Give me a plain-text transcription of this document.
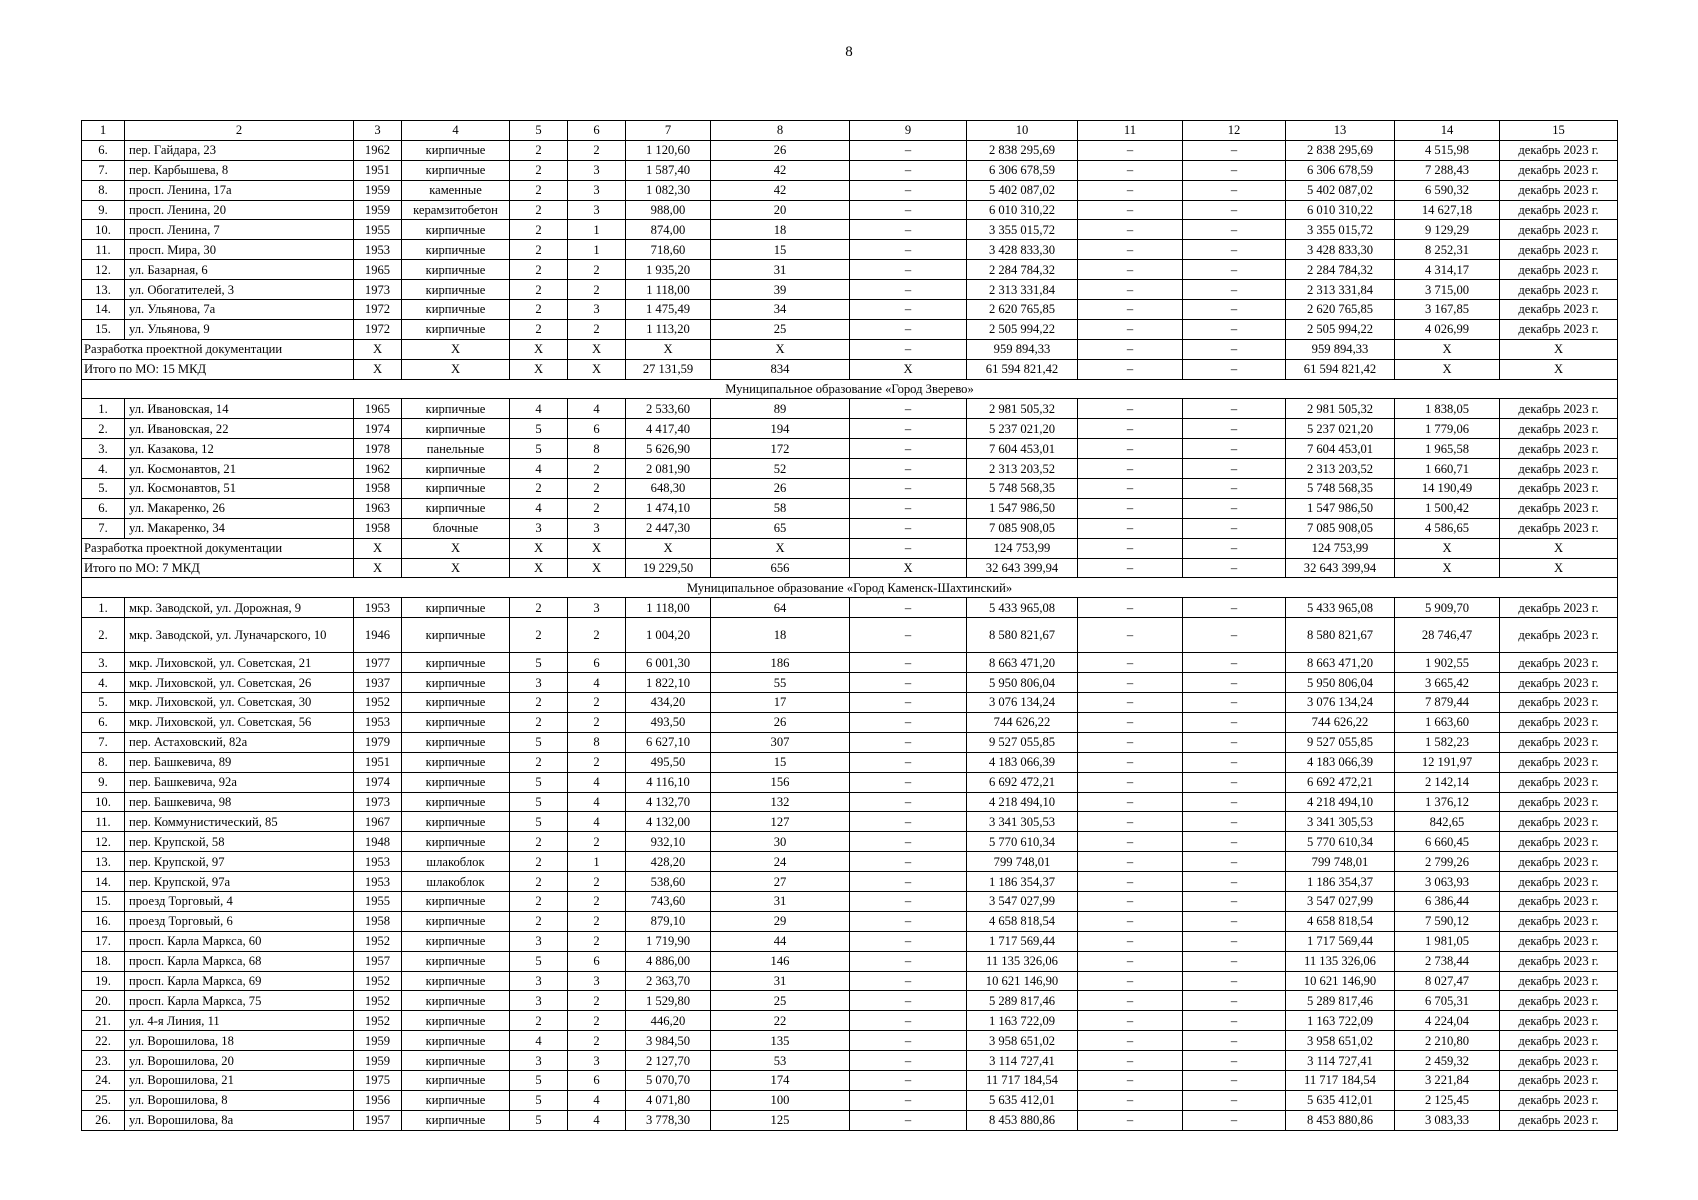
8
1	2	3	4	5	6	7	8	9	10	11	12	13	14	15
6.	пер. Гайдара, 23	1962	кирпичные	2	2	1 120,60	26	–	2 838 295,69	–	–	2 838 295,69	4 515,98	декабрь 2023 г.
7.	пер. Карбышева, 8	1951	кирпичные	2	3	1 587,40	42	–	6 306 678,59	–	–	6 306 678,59	7 288,43	декабрь 2023 г.
8.	просп. Ленина, 17а	1959	каменные	2	3	1 082,30	42	–	5 402 087,02	–	–	5 402 087,02	6 590,32	декабрь 2023 г.
9.	просп. Ленина, 20	1959	керамзитобетон	2	3	988,00	20	–	6 010 310,22	–	–	6 010 310,22	14 627,18	декабрь 2023 г.
10.	просп. Ленина, 7	1955	кирпичные	2	1	874,00	18	–	3 355 015,72	–	–	3 355 015,72	9 129,29	декабрь 2023 г.
11.	просп. Мира, 30	1953	кирпичные	2	1	718,60	15	–	3 428 833,30	–	–	3 428 833,30	8 252,31	декабрь 2023 г.
12.	ул. Базарная, 6	1965	кирпичные	2	2	1 935,20	31	–	2 284 784,32	–	–	2 284 784,32	4 314,17	декабрь 2023 г.
13.	ул. Обогатителей, 3	1973	кирпичные	2	2	1 118,00	39	–	2 313 331,84	–	–	2 313 331,84	3 715,00	декабрь 2023 г.
14.	ул. Ульянова, 7а	1972	кирпичные	2	3	1 475,49	34	–	2 620 765,85	–	–	2 620 765,85	3 167,85	декабрь 2023 г.
15.	ул. Ульянова, 9	1972	кирпичные	2	2	1 113,20	25	–	2 505 994,22	–	–	2 505 994,22	4 026,99	декабрь 2023 г.
Разработка проектной документации		X	X	X	X	X	X	–	959 894,33	–	–	959 894,33	X	X
Итого по МО: 15 МКД		X	X	X	X	27 131,59	834	X	61 594 821,42	–	–	61 594 821,42	X	X
Муниципальное образование «Город Зверево»														
1.	ул. Ивановская, 14	1965	кирпичные	4	4	2 533,60	89	–	2 981 505,32	–	–	2 981 505,32	1 838,05	декабрь 2023 г.
2.	ул. Ивановская, 22	1974	кирпичные	5	6	4 417,40	194	–	5 237 021,20	–	–	5 237 021,20	1 779,06	декабрь 2023 г.
3.	ул. Казакова, 12	1978	панельные	5	8	5 626,90	172	–	7 604 453,01	–	–	7 604 453,01	1 965,58	декабрь 2023 г.
4.	ул. Космонавтов, 21	1962	кирпичные	4	2	2 081,90	52	–	2 313 203,52	–	–	2 313 203,52	1 660,71	декабрь 2023 г.
5.	ул. Космонавтов, 51	1958	кирпичные	2	2	648,30	26	–	5 748 568,35	–	–	5 748 568,35	14 190,49	декабрь 2023 г.
6.	ул. Макаренко, 26	1963	кирпичные	4	2	1 474,10	58	–	1 547 986,50	–	–	1 547 986,50	1 500,42	декабрь 2023 г.
7.	ул. Макаренко, 34	1958	блочные	3	3	2 447,30	65	–	7 085 908,05	–	–	7 085 908,05	4 586,65	декабрь 2023 г.
Разработка проектной документации		X	X	X	X	X	X	–	124 753,99	–	–	124 753,99	X	X
Итого по МО: 7 МКД		X	X	X	X	19 229,50	656	X	32 643 399,94	–	–	32 643 399,94	X	X
Муниципальное образование «Город Каменск-Шахтинский»														
1.	мкр. Заводской, ул. Дорожная, 9	1953	кирпичные	2	3	1 118,00	64	–	5 433 965,08	–	–	5 433 965,08	5 909,70	декабрь 2023 г.
2.	мкр. Заводской, ул. Луначарского, 10	1946	кирпичные	2	2	1 004,20	18	–	8 580 821,67	–	–	8 580 821,67	28 746,47	декабрь 2023 г.
3.	мкр. Лиховской, ул. Советская, 21	1977	кирпичные	5	6	6 001,30	186	–	8 663 471,20	–	–	8 663 471,20	1 902,55	декабрь 2023 г.
4.	мкр. Лиховской, ул. Советская, 26	1937	кирпичные	3	4	1 822,10	55	–	5 950 806,04	–	–	5 950 806,04	3 665,42	декабрь 2023 г.
5.	мкр. Лиховской, ул. Советская, 30	1952	кирпичные	2	2	434,20	17	–	3 076 134,24	–	–	3 076 134,24	7 879,44	декабрь 2023 г.
6.	мкр. Лиховской, ул. Советская, 56	1953	кирпичные	2	2	493,50	26	–	744 626,22	–	–	744 626,22	1 663,60	декабрь 2023 г.
7.	пер. Астаховский, 82а	1979	кирпичные	5	8	6 627,10	307	–	9 527 055,85	–	–	9 527 055,85	1 582,23	декабрь 2023 г.
8.	пер. Башкевича, 89	1951	кирпичные	2	2	495,50	15	–	4 183 066,39	–	–	4 183 066,39	12 191,97	декабрь 2023 г.
9.	пер. Башкевича, 92а	1974	кирпичные	5	4	4 116,10	156	–	6 692 472,21	–	–	6 692 472,21	2 142,14	декабрь 2023 г.
10.	пер. Башкевича, 98	1973	кирпичные	5	4	4 132,70	132	–	4 218 494,10	–	–	4 218 494,10	1 376,12	декабрь 2023 г.
11.	пер. Коммунистический, 85	1967	кирпичные	5	4	4 132,00	127	–	3 341 305,53	–	–	3 341 305,53	842,65	декабрь 2023 г.
12.	пер. Крупской, 58	1948	кирпичные	2	2	932,10	30	–	5 770 610,34	–	–	5 770 610,34	6 660,45	декабрь 2023 г.
13.	пер. Крупской, 97	1953	шлакоблок	2	1	428,20	24	–	799 748,01	–	–	799 748,01	2 799,26	декабрь 2023 г.
14.	пер. Крупской, 97а	1953	шлакоблок	2	2	538,60	27	–	1 186 354,37	–	–	1 186 354,37	3 063,93	декабрь 2023 г.
15.	проезд Торговый, 4	1955	кирпичные	2	2	743,60	31	–	3 547 027,99	–	–	3 547 027,99	6 386,44	декабрь 2023 г.
16.	проезд Торговый, 6	1958	кирпичные	2	2	879,10	29	–	4 658 818,54	–	–	4 658 818,54	7 590,12	декабрь 2023 г.
17.	просп. Карла Маркса, 60	1952	кирпичные	3	2	1 719,90	44	–	1 717 569,44	–	–	1 717 569,44	1 981,05	декабрь 2023 г.
18.	просп. Карла Маркса, 68	1957	кирпичные	5	6	4 886,00	146	–	11 135 326,06	–	–	11 135 326,06	2 738,44	декабрь 2023 г.
19.	просп. Карла Маркса, 69	1952	кирпичные	3	3	2 363,70	31	–	10 621 146,90	–	–	10 621 146,90	8 027,47	декабрь 2023 г.
20.	просп. Карла Маркса, 75	1952	кирпичные	3	2	1 529,80	25	–	5 289 817,46	–	–	5 289 817,46	6 705,31	декабрь 2023 г.
21.	ул. 4-я Линия, 11	1952	кирпичные	2	2	446,20	22	–	1 163 722,09	–	–	1 163 722,09	4 224,04	декабрь 2023 г.
22.	ул. Ворошилова, 18	1959	кирпичные	4	2	3 984,50	135	–	3 958 651,02	–	–	3 958 651,02	2 210,80	декабрь 2023 г.
23.	ул. Ворошилова, 20	1959	кирпичные	3	3	2 127,70	53	–	3 114 727,41	–	–	3 114 727,41	2 459,32	декабрь 2023 г.
24.	ул. Ворошилова, 21	1975	кирпичные	5	6	5 070,70	174	–	11 717 184,54	–	–	11 717 184,54	3 221,84	декабрь 2023 г.
25.	ул. Ворошилова, 8	1956	кирпичные	5	4	4 071,80	100	–	5 635 412,01	–	–	5 635 412,01	2 125,45	декабрь 2023 г.
26.	ул. Ворошилова, 8а	1957	кирпичные	5	4	3 778,30	125	–	8 453 880,86	–	–	8 453 880,86	3 083,33	декабрь 2023 г.
